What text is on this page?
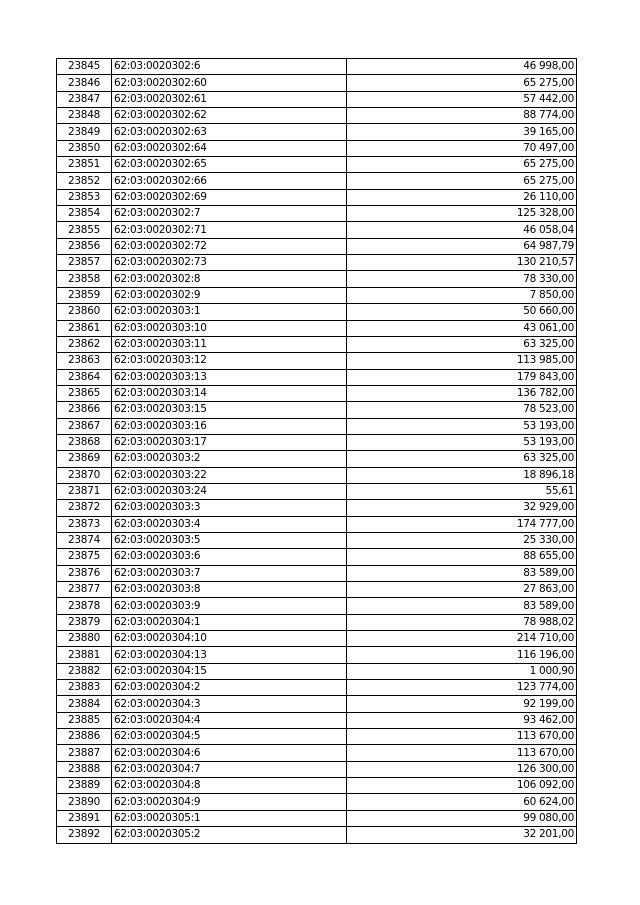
23845	62:03:0020302:6	46 998,00
23846	62:03:0020302:60	65 275,00
23847	62:03:0020302:61	57 442,00
23848	62:03:0020302:62	88 774,00
23849	62:03:0020302:63	39 165,00
23850	62:03:0020302:64	70 497,00
23851	62:03:0020302:65	65 275,00
23852	62:03:0020302:66	65 275,00
23853	62:03:0020302:69	26 110,00
23854	62:03:0020302:7	125 328,00
23855	62:03:0020302:71	46 058,04
23856	62:03:0020302:72	64 987,79
23857	62:03:0020302:73	130 210,57
23858	62:03:0020302:8	78 330,00
23859	62:03:0020302:9	7 850,00
23860	62:03:0020303:1	50 660,00
23861	62:03:0020303:10	43 061,00
23862	62:03:0020303:11	63 325,00
23863	62:03:0020303:12	113 985,00
23864	62:03:0020303:13	179 843,00
23865	62:03:0020303:14	136 782,00
23866	62:03:0020303:15	78 523,00
23867	62:03:0020303:16	53 193,00
23868	62:03:0020303:17	53 193,00
23869	62:03:0020303:2	63 325,00
23870	62:03:0020303:22	18 896,18
23871	62:03:0020303:24	55,61
23872	62:03:0020303:3	32 929,00
23873	62:03:0020303:4	174 777,00
23874	62:03:0020303:5	25 330,00
23875	62:03:0020303:6	88 655,00
23876	62:03:0020303:7	83 589,00
23877	62:03:0020303:8	27 863,00
23878	62:03:0020303:9	83 589,00
23879	62:03:0020304:1	78 988,02
23880	62:03:0020304:10	214 710,00
23881	62:03:0020304:13	116 196,00
23882	62:03:0020304:15	1 000,90
23883	62:03:0020304:2	123 774,00
23884	62:03:0020304:3	92 199,00
23885	62:03:0020304:4	93 462,00
23886	62:03:0020304:5	113 670,00
23887	62:03:0020304:6	113 670,00
23888	62:03:0020304:7	126 300,00
23889	62:03:0020304:8	106 092,00
23890	62:03:0020304:9	60 624,00
23891	62:03:0020305:1	99 080,00
23892	62:03:0020305:2	32 201,00
